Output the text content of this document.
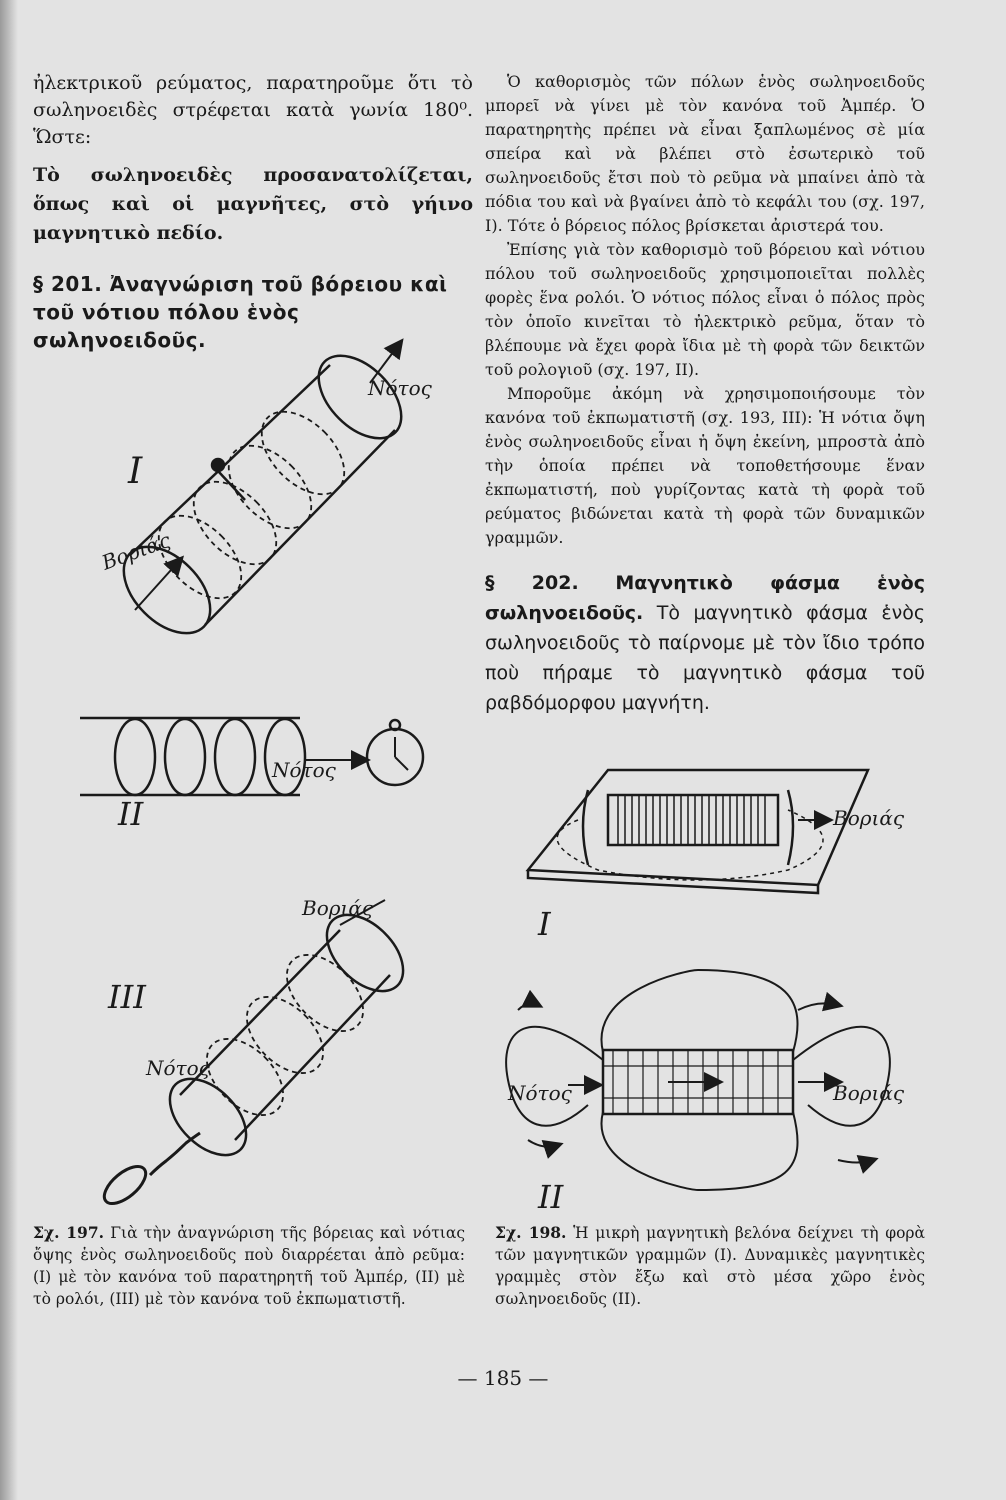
ἠλεκτρικοῦ ρεύματος, παρατηροῦμε ὅτι τὸ σωληνοειδὲς στρέφεται κατὰ γωνία 180⁰. Ὥστε:

Τὸ σωληνοειδὲς προσανατολίζεται, ὅπως καὶ οἱ μαγνῆτες, στὸ γήινο μαγνητικὸ πεδίο.

§ 201. Ἀναγνώριση τοῦ βόρειου καὶ τοῦ νότιου πόλου ἑνὸς σωληνοειδοῦς.

Ὁ καθορισμὸς τῶν πόλων ἑνὸς σωληνοειδοῦς μπορεῖ νὰ γίνει μὲ τὸν κανόνα τοῦ Ἀμπέρ. Ὁ παρατηρητὴς πρέπει νὰ εἶναι ξαπλωμένος σὲ μία σπείρα καὶ νὰ βλέπει στὸ ἐσωτερικὸ τοῦ σωληνοειδοῦς ἔτσι ποὺ τὸ ρεῦμα νὰ μπαίνει ἀπὸ τὰ πόδια του καὶ νὰ βγαίνει ἀπὸ τὸ κεφάλι του (σχ. 197, I). Τότε ὁ βόρειος πόλος βρίσκεται ἀριστερά του.

Ἐπίσης γιὰ τὸν καθορισμὸ τοῦ βόρειου καὶ νότιου πόλου τοῦ σωληνοειδοῦς χρησιμοποιεῖται πολλὲς φορὲς ἕνα ρολόι. Ὁ νότιος πόλος εἶναι ὁ πόλος πρὸς τὸν ὁποῖο κινεῖται τὸ ἠλεκτρικὸ ρεῦμα, ὅταν τὸ βλέπουμε νὰ ἔχει φορὰ ἴδια μὲ τὴ φορὰ τῶν δεικτῶν τοῦ ρολογιοῦ (σχ. 197, II).

Μποροῦμε ἀκόμη νὰ χρησιμοποιήσουμε τὸν κανόνα τοῦ ἐκπωματιστῆ (σχ. 193, III): Ἡ νότια ὄψη ἑνὸς σωληνοειδοῦς εἶναι ἡ ὄψη ἐκείνη, μπροστὰ ἀπὸ τὴν ὁποία πρέπει νὰ τοποθετήσουμε ἕναν ἐκπωματιστή, ποὺ γυρίζοντας κατὰ τὴ φορὰ τοῦ ρεύματος βιδώνεται κατὰ τὴ φορὰ τῶν δυναμικῶν γραμμῶν.

§ 202. Μαγνητικὸ φάσμα ἑνὸς σωληνοειδοῦς. Τὸ μαγνητικὸ φάσμα ἑνὸς σωληνοειδοῦς τὸ παίρνομε μὲ τὸν ἴδιο τρόπο ποὺ πήραμε τὸ μαγνητικὸ φάσμα τοῦ ραβδόμορφου μαγνήτη.
I
Νότος
Βοριάς
II
Νότος
Βοριάς
III
Νότος
Βοριάς
I
Νότος	Βοριάς
II
Σχ. 197. Γιὰ τὴν ἀναγνώριση τῆς βόρειας καὶ νότιας ὄψης ἑνὸς σωληνοειδοῦς ποὺ διαρρέεται ἀπὸ ρεῦμα: (I) μὲ τὸν κανόνα τοῦ παρατηρητῆ τοῦ Ἀμπέρ, (II) μὲ τὸ ρολόι, (III) μὲ τὸν κανόνα τοῦ ἐκπωματιστῆ.
Σχ. 198. Ἡ μικρὴ μαγνητικὴ βελόνα δείχνει τὴ φορὰ τῶν μαγνητικῶν γραμμῶν (I). Δυναμικὲς μαγνητικὲς γραμμὲς στὸν ἔξω καὶ στὸ μέσα χῶρο ἑνὸς σωληνοειδοῦς (II).
— 185 —
